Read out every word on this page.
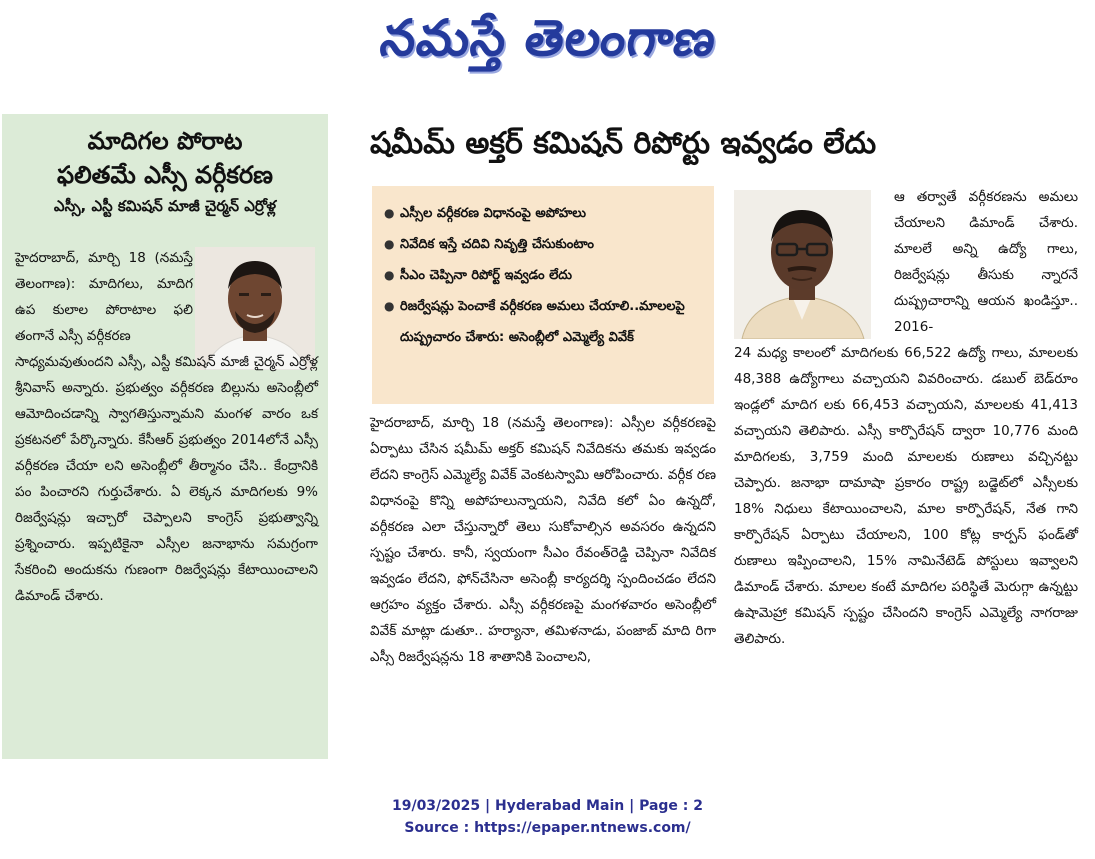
నమస్తే తెలంగాణ
మాదిగల పోరాట
ఫలితమే ఎస్సీ వర్గీకరణ
ఎస్సీ, ఎస్టీ కమిషన్ మాజీ చైర్మన్ ఎర్రోళ్ల

హైదరాబాద్, మార్చి 18 (నమస్తే తెలంగాణ): మాదిగలు, మాదిగ ఉప కులాల పోరాటాల ఫలి తంగానే ఎస్సీ వర్గీకరణ

సాధ్యమవుతుందని ఎస్సీ, ఎస్టీ కమిషన్ మాజీ చైర్మన్ ఎర్రోళ్ల శ్రీనివాస్ అన్నారు. ప్రభుత్వం వర్గీకరణ బిల్లును అసెంబ్లీలో ఆమోదించడాన్ని స్వాగతిస్తున్నామని మంగళ వారం ఒక ప్రకటనలో పేర్కొన్నారు. కేసీఆర్ ప్రభుత్వం 2014లోనే ఎస్సీ వర్గీకరణ చేయా లని అసెంబ్లీలో తీర్మానం చేసి.. కేంద్రానికి పం పించారని గుర్తుచేశారు. ఏ లెక్కన మాదిగలకు 9% రిజర్వేషన్లు ఇచ్చారో చెప్పాలని కాంగ్రెస్ ప్రభుత్వాన్ని ప్రశ్నించారు. ఇప్పటికైనా ఎస్సీల జనాభాను సమగ్రంగా సేకరించి అందుకను గుణంగా రిజర్వేషన్లు కేటాయించాలని డిమాండ్ చేశారు.

షమీమ్ అక్తర్ కమిషన్ రిపోర్టు ఇవ్వడం లేదు
● ఎస్సీల వర్గీకరణ విధానంపై అపోహలు
● నివేదిక ఇస్తే చదివి నివృత్తి చేసుకుంటాం
● సీఎం చెప్పినా రిపోర్ట్ ఇవ్వడం లేదు
● రిజర్వేషన్లు పెంచాకే వర్గీకరణ అమలు చేయాలి..మాలలపై దుష్ప్రచారం చేశారు: అసెంబ్లీలో ఎమ్మెల్యే వివేక్
హైదరాబాద్, మార్చి 18 (నమస్తే తెలంగాణ): ఎస్సీల వర్గీకరణపై ఏర్పాటు చేసిన షమీమ్ అక్తర్ కమిషన్ నివేదికను తమకు ఇవ్వడం లేదని కాంగ్రెస్ ఎమ్మెల్యే వివేక్ వెంకటస్వామి ఆరోపించారు. వర్గీక రణ విధానంపై కొన్ని అపోహలున్నాయని, నివేది కలో ఏం ఉన్నదో, వర్గీకరణ ఎలా చేస్తున్నారో తెలు సుకోవాల్సిన అవసరం ఉన్నదని స్పష్టం చేశారు. కానీ, స్వయంగా సీఎం రేవంత్‌రెడ్డి చెప్పినా నివేదిక ఇవ్వడం లేదని, ఫోన్‌చేసినా అసెంబ్లీ కార్యదర్శి స్పందించడం లేదని ఆగ్రహం వ్యక్తం చేశారు. ఎస్సీ వర్గీకరణపై మంగళవారం అసెంబ్లీలో వివేక్ మాట్లా డుతూ.. హర్యానా, తమిళనాడు, పంజాబ్ మాది రిగా ఎస్సీ రిజర్వేషన్లను 18 శాతానికి పెంచాలని,

ఆ తర్వాతే వర్గీకరణను అమలు చేయాలని డిమాండ్ చేశారు. మాలలే అన్ని ఉద్యో గాలు, రిజర్వేషన్లు తీసుకు న్నారనే దుష్ప్రచారాన్ని ఆయన ఖండిస్తూ.. 2016-

24 మధ్య కాలంలో మాదిగలకు 66,522 ఉద్యో గాలు, మాలలకు 48,388 ఉద్యోగాలు వచ్చాయని వివరించారు. డబుల్ బెడ్‌రూం ఇండ్లలో మాదిగ లకు 66,453 వచ్చాయని, మాలలకు 41,413 వచ్చాయని తెలిపారు. ఎస్సీ కార్పొరేషన్ ద్వారా 10,776 మంది మాదిగలకు, 3,759 మంది మాలలకు రుణాలు వచ్చినట్టు చెప్పారు. జనాభా దామాషా ప్రకారం రాష్ట్ర బడ్జెట్‌లో ఎస్సీలకు 18% నిధులు కేటాయించాలని, మాల కార్పొరేషన్, నేత గాని కార్పొరేషన్ ఏర్పాటు చేయాలని, 100 కోట్ల కార్పస్ ఫండ్‌తో రుణాలు ఇప్పించాలని, 15% నామినేటెడ్ పోస్టులు ఇవ్వాలని డిమాండ్ చేశారు. మాలల కంటే మాదిగల పరిస్థితే మెరుగ్గా ఉన్నట్టు ఉషామెహ్రా కమిషన్ స్పష్టం చేసిందని కాంగ్రెస్ ఎమ్మెల్యే నాగరాజు తెలిపారు.

19/03/2025 | Hyderabad Main | Page : 2
Source : https://epaper.ntnews.com/
